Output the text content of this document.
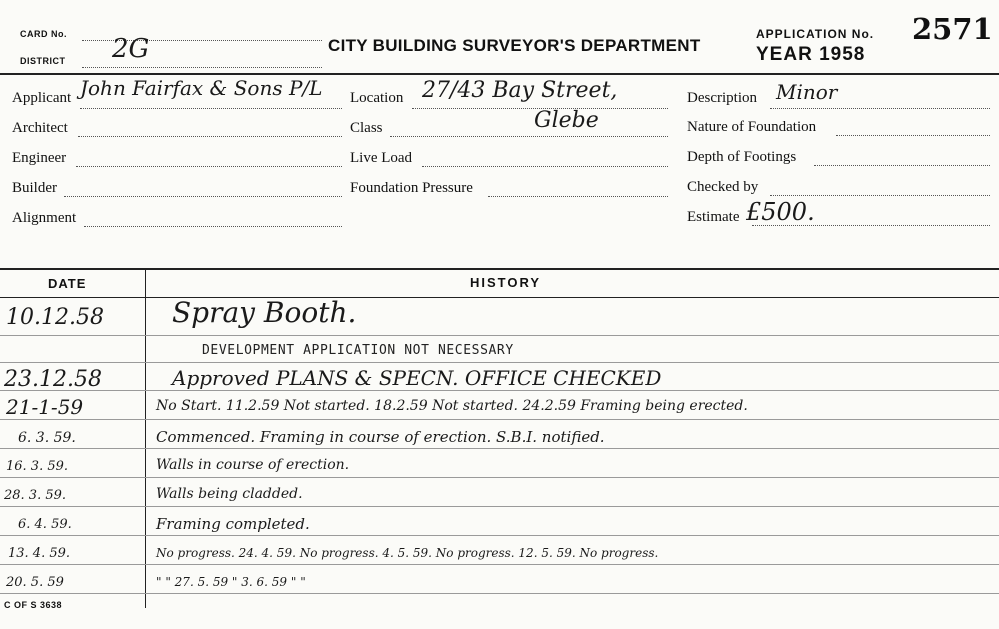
CARD No.
DISTRICT 2G	CITY BUILDING SURVEYOR'S DEPARTMENT
APPLICATION No. 2571
YEAR 1958
Applicant John Fairfax & Sons P/L
Architect
Engineer
Builder
Alignment
Location 27/43 Bay Street,
Glebe
Class
Live Load
Foundation Pressure
Description Minor
Nature of Foundation
Depth of Footings
Checked by
Estimate £500.
DATE	HISTORY
10.12.58 Spray Booth.
DEVELOPMENT APPLICATION NOT NECESSARY
23.12.58	Approved PLANS & SPECN. OFFICE CHECKED
21-1-59	No Start. 11.2.59 Not started. 18.2.59 Not started. 24.2.59 Framing being erected.
6. 3. 59.	Commenced. Framing in course of erection. S.B.I. notified.
16. 3. 59.	Walls in course of erection.
28. 3. 59.	Walls being cladded.
6. 4. 59.	Framing completed.
13. 4. 59.	No progress. 24. 4. 59. No progress. 4. 5. 59. No progress. 12. 5. 59. No progress.
20. 5. 59	" " 27. 5. 59 " 3. 6. 59 " "
C OF S 3638
